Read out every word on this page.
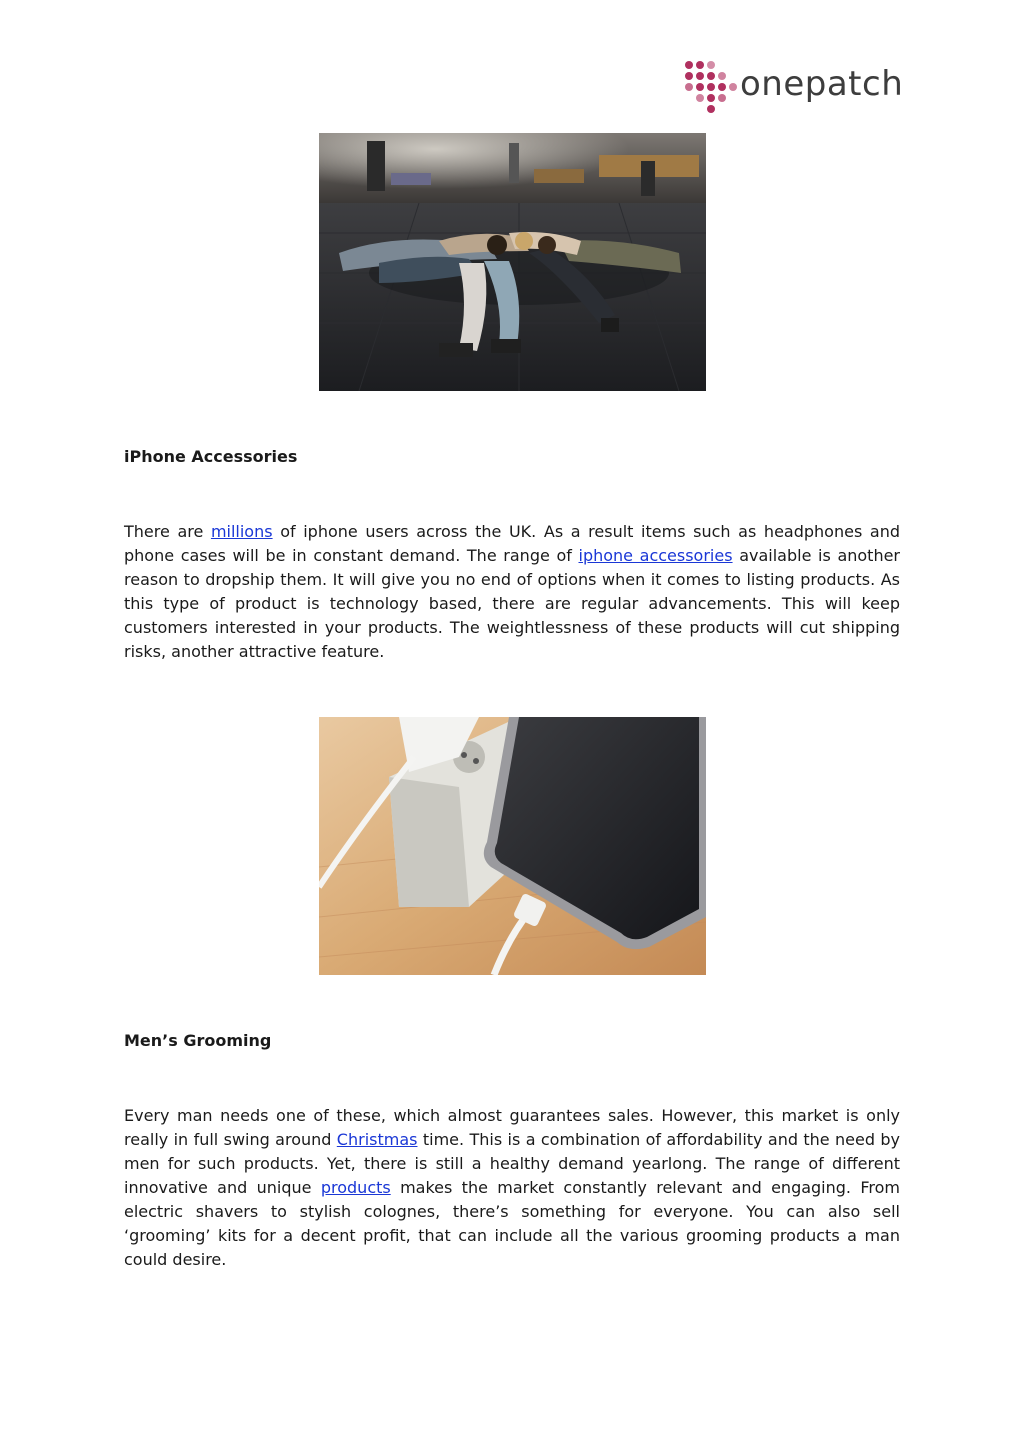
onepatch
iPhone Accessories

There are millions of iphone users across the UK. As a result items such as headphones and phone cases will be in constant demand. The range of iphone accessories available is another reason to dropship them. It will give you no end of options when it comes to listing products. As this type of product is technology based, there are regular advancements. This will keep customers interested in your products. The weightlessness of these products will cut shipping risks, another attractive feature.

Men’s Grooming

Every man needs one of these, which almost guarantees sales. However, this market is only really in full swing around Christmas time. This is a combination of affordability and the need by men for such products. Yet, there is still a healthy demand yearlong. The range of different innovative and unique products makes the market constantly relevant and engaging. From electric shavers to stylish colognes, there’s something for everyone. You can also sell ‘grooming’ kits for a decent profit, that can include all the various grooming products a man could desire.
